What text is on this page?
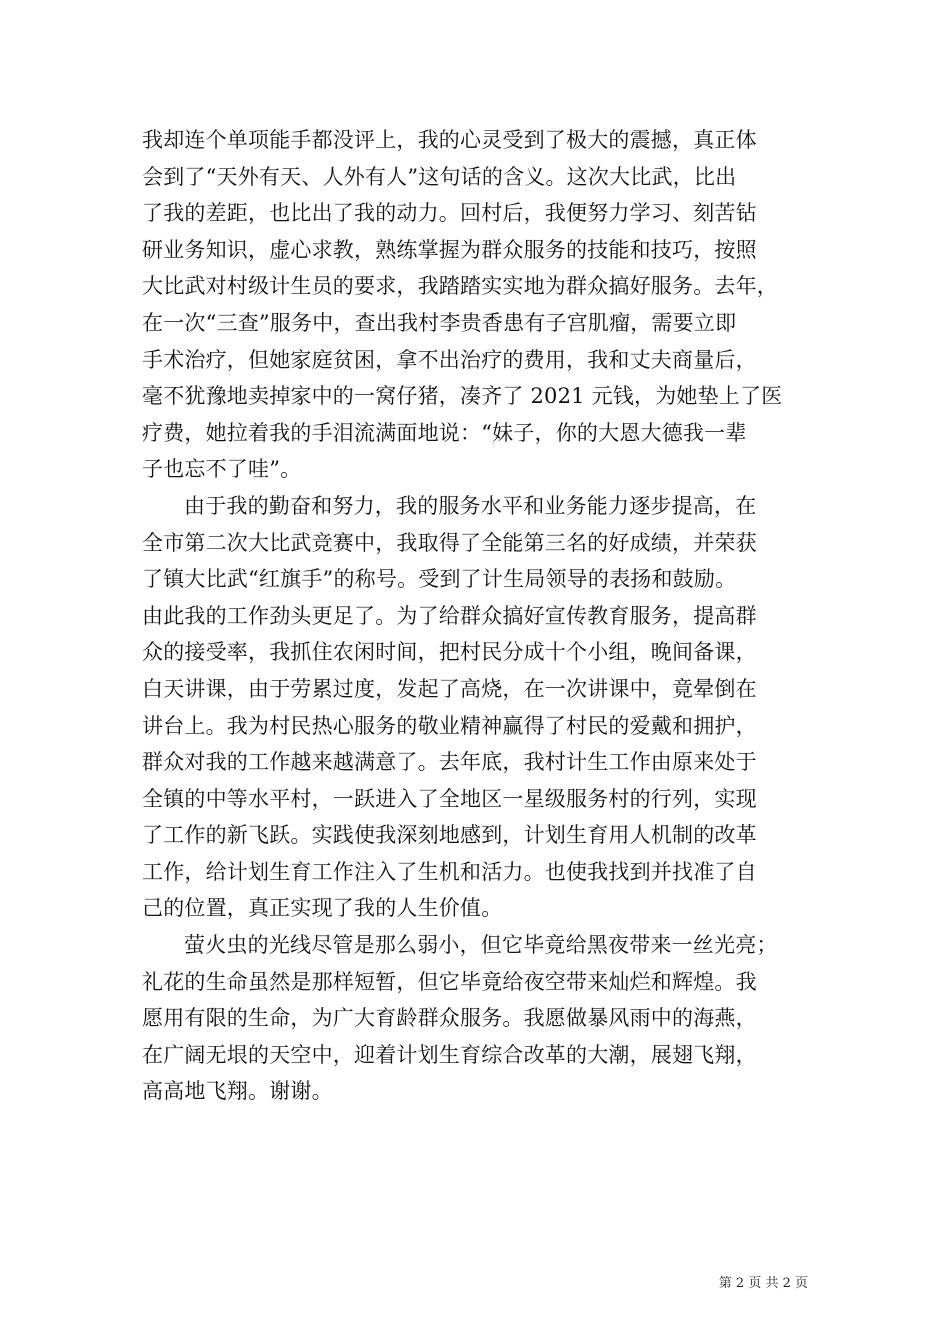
我却连个单项能手都没评上，我的心灵受到了极大的震撼，真正体
会到了“天外有天、人外有人”这句话的含义。这次大比武，比出
了我的差距，也比出了我的动力。回村后，我便努力学习、刻苦钻
研业务知识，虚心求教，熟练掌握为群众服务的技能和技巧，按照
大比武对村级计生员的要求，我踏踏实实地为群众搞好服务。去年，
在一次“三查”服务中，查出我村李贵香患有子宫肌瘤，需要立即
手术治疗，但她家庭贫困，拿不出治疗的费用，我和丈夫商量后，
毫不犹豫地卖掉家中的一窝仔猪，凑齐了 2021 元钱，为她垫上了医
疗费，她拉着我的手泪流满面地说：“妹子，你的大恩大德我一辈
子也忘不了哇”。
由于我的勤奋和努力，我的服务水平和业务能力逐步提高，在
全市第二次大比武竞赛中，我取得了全能第三名的好成绩，并荣获
了镇大比武“红旗手”的称号。受到了计生局领导的表扬和鼓励。
由此我的工作劲头更足了。为了给群众搞好宣传教育服务，提高群
众的接受率，我抓住农闲时间，把村民分成十个小组，晚间备课，
白天讲课，由于劳累过度，发起了高烧，在一次讲课中，竟晕倒在
讲台上。我为村民热心服务的敬业精神赢得了村民的爱戴和拥护，
群众对我的工作越来越满意了。去年底，我村计生工作由原来处于
全镇的中等水平村，一跃进入了全地区一星级服务村的行列，实现
了工作的新飞跃。实践使我深刻地感到，计划生育用人机制的改革
工作，给计划生育工作注入了生机和活力。也使我找到并找准了自
己的位置，真正实现了我的人生价值。
萤火虫的光线尽管是那么弱小，但它毕竟给黑夜带来一丝光亮；
礼花的生命虽然是那样短暂，但它毕竟给夜空带来灿烂和辉煌。我
愿用有限的生命，为广大育龄群众服务。我愿做暴风雨中的海燕，
在广阔无垠的天空中，迎着计划生育综合改革的大潮，展翅飞翔，
高高地飞翔。谢谢。
第 2 页 共 2 页
